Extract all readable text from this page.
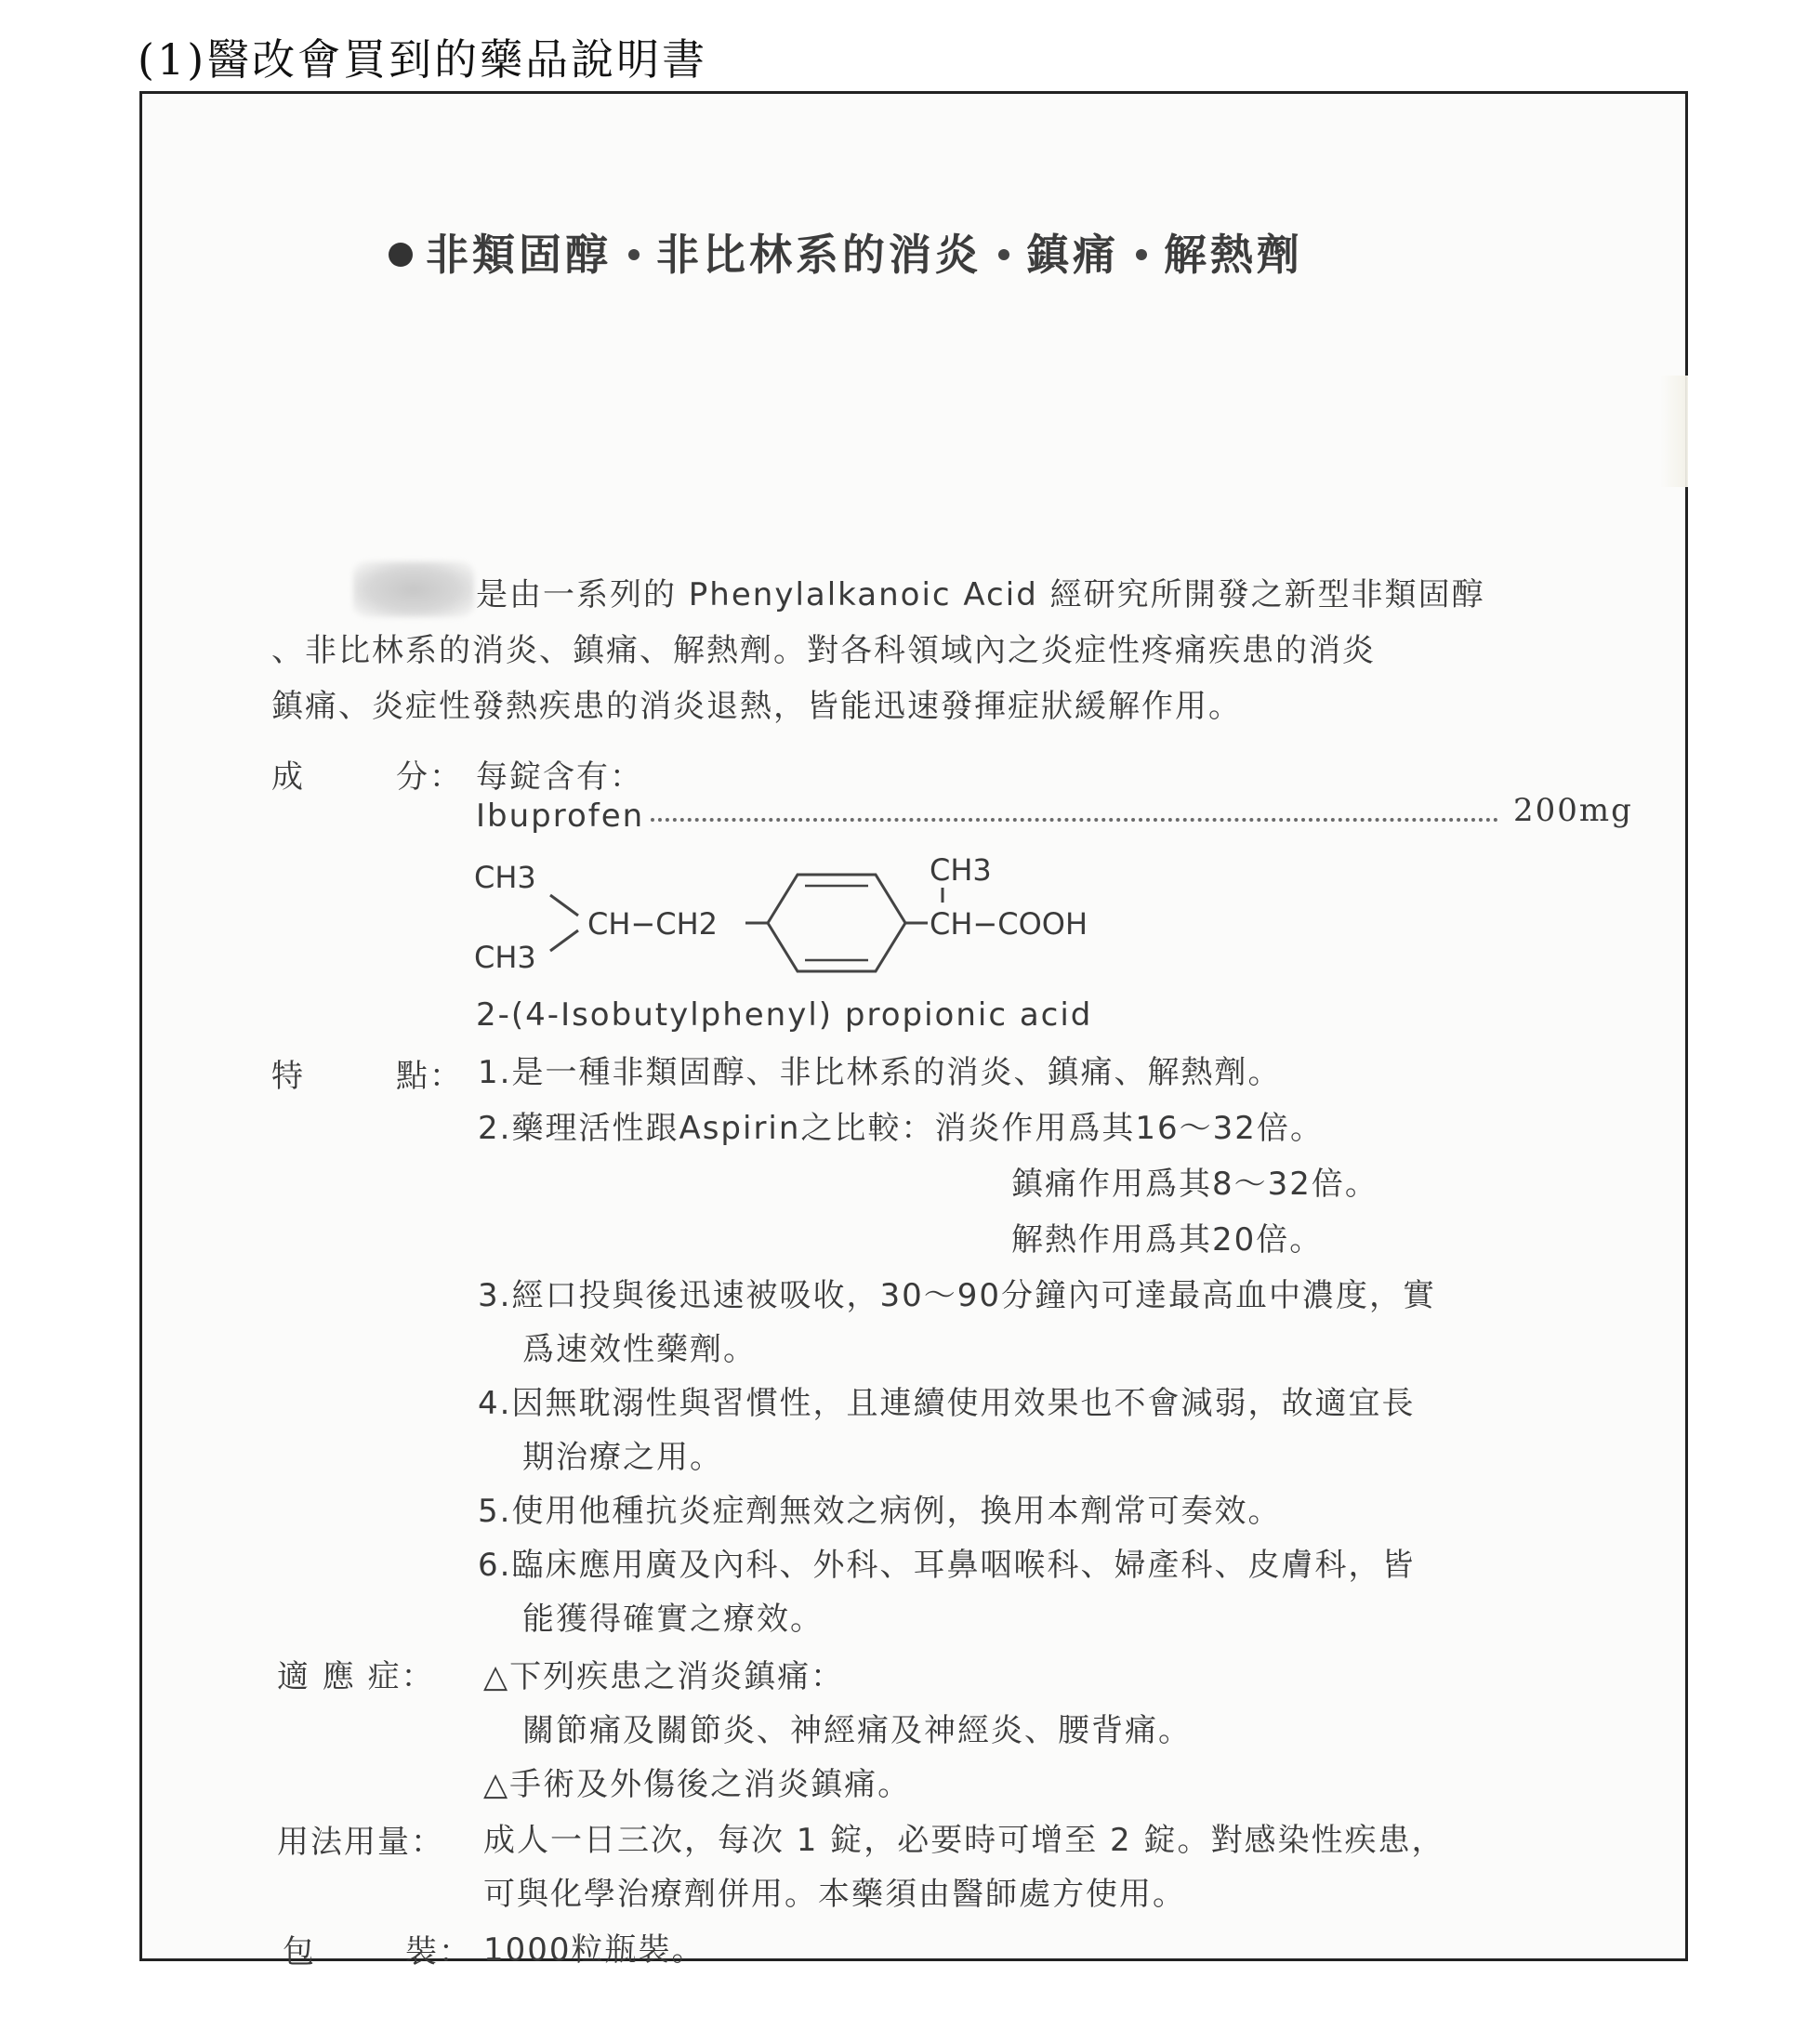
(1)醫改會買到的藥品說明書
非類固醇 非比林系的消炎 鎮痛 解熱劑
是由一系列的 Phenylalkanoic Acid 經研究所開發之新型非類固醇
、非比林系的消炎、鎮痛、解熱劑。對各科領域內之炎症性疼痛疾患的消炎
鎮痛、炎症性發熱疾患的消炎退熱，皆能迅速發揮症狀緩解作用。
成	分： 每錠含有：
Ibuprofen	200mg
CH3
CH3
CH−CH2
CH3
CH−COOH
2-(4-Isobutylphenyl) propionic acid
特	點： 1.是一種非類固醇、非比林系的消炎、鎮痛、解熱劑。
2.藥理活性跟Aspirin之比較：消炎作用爲其16～32倍。
鎮痛作用爲其8～32倍。
解熱作用爲其20倍。
3.經口投與後迅速被吸收，30～90分鐘內可達最高血中濃度，實
爲速效性藥劑。
4.因無耽溺性與習慣性，且連續使用效果也不會減弱，故適宜長
期治療之用。
5.使用他種抗炎症劑無效之病例，換用本劑常可奏效。
6.臨床應用廣及內科、外科、耳鼻咽喉科、婦產科、皮膚科，皆
能獲得確實之療效。
適 應 症： △下列疾患之消炎鎮痛：
關節痛及關節炎、神經痛及神經炎、腰背痛。
△手術及外傷後之消炎鎮痛。
用法用量： 成人一日三次，每次 1 錠，必要時可增至 2 錠。對感染性疾患，
可與化學治療劑併用。本藥須由醫師處方使用。
包	裝： 1000粒瓶裝。
